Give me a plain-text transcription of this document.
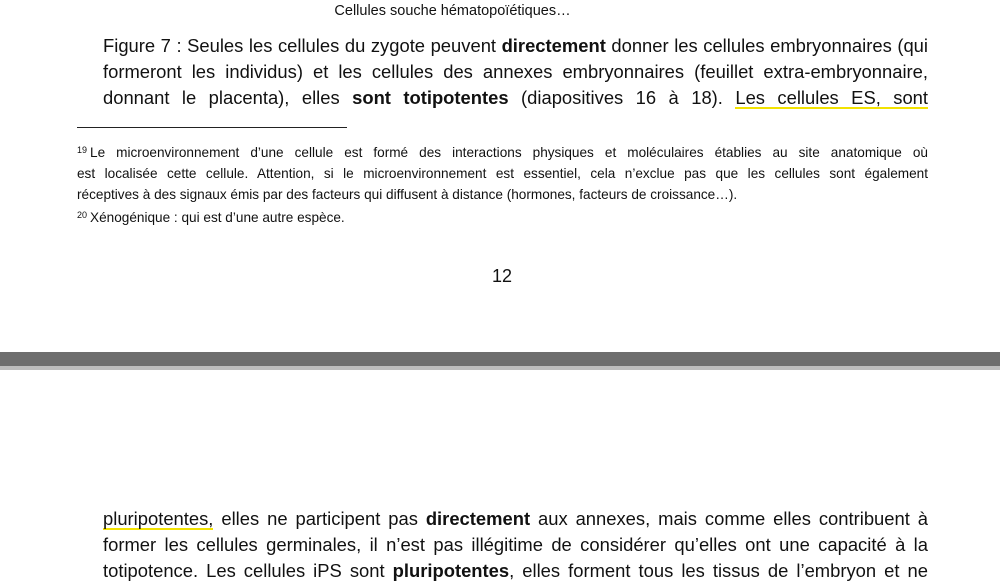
Cellules souche hématopoïétiques…
Figure 7 : Seules les cellules du zygote peuvent directement donner les cellules embryonnaires (qui
formeront les individus) et les cellules des annexes embryonnaires (feuillet extra-embryonnaire,
donnant le placenta), elles sont totipotentes (diapositives 16 à 18). Les cellules ES, sont
$^{19}$ Le microenvironnement d’une cellule est formé des interactions physiques et moléculaires établies au site anatomique où
est localisée cette cellule. Attention, si le microenvironnement est essentiel, cela n’exclue pas que les cellules sont également
réceptives à des signaux émis par des facteurs qui diffusent à distance (hormones, facteurs de croissance…).
$^{20}$ Xénogénique : qui est d’une autre espèce.
12
pluripotentes, elles ne participent pas directement aux annexes, mais comme elles contribuent à
former les cellules germinales, il n’est pas illégitime de considérer qu’elles ont une capacité à la
totipotence. Les cellules iPS sont pluripotentes, elles forment tous les tissus de l’embryon et ne
